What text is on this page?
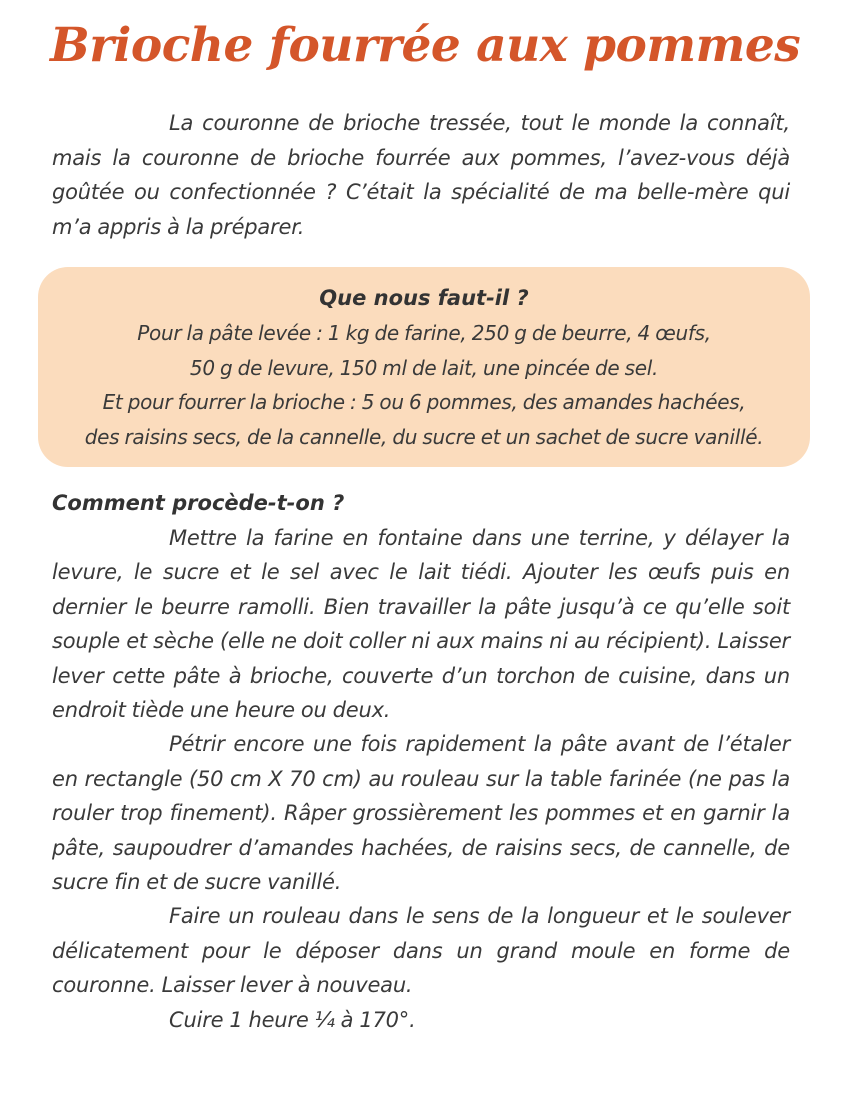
Brioche fourrée aux pommes

La couronne de brioche tressée, tout le monde la connaît, mais la couronne de brioche fourrée aux pommes, l’avez-vous déjà goûtée ou confectionnée ? C’était la spécialité de ma belle-mère qui m’a appris à la préparer.

Que nous faut-il ?

Pour la pâte levée : 1 kg de farine, 250 g de beurre, 4 œufs,

50 g de levure, 150 ml de lait, une pincée de sel.

Et pour fourrer la brioche : 5 ou 6 pommes, des amandes hachées,

des raisins secs, de la cannelle, du sucre et un sachet de sucre vanillé.

Comment procède-t-on ?

Mettre la farine en fontaine dans une terrine, y délayer la levure, le sucre et le sel avec le lait tiédi. Ajouter les œufs puis en dernier le beurre ramolli. Bien travailler la pâte jusqu’à ce qu’elle soit souple et sèche (elle ne doit coller ni aux mains ni au récipient). Laisser lever cette pâte à brioche, couverte d’un torchon de cuisine, dans un endroit tiède une heure ou deux.

Pétrir encore une fois rapidement la pâte avant de l’étaler en rectangle (50 cm X 70 cm) au rouleau sur la table farinée (ne pas la rouler trop finement). Râper grossièrement les pommes et en garnir la pâte, saupoudrer d’amandes hachées, de raisins secs, de cannelle, de sucre fin et de sucre vanillé.

Faire un rouleau dans le sens de la longueur et le soulever délicatement pour le déposer dans un grand moule en forme de couronne. Laisser lever à nouveau.

Cuire 1 heure ¼ à 170°.
